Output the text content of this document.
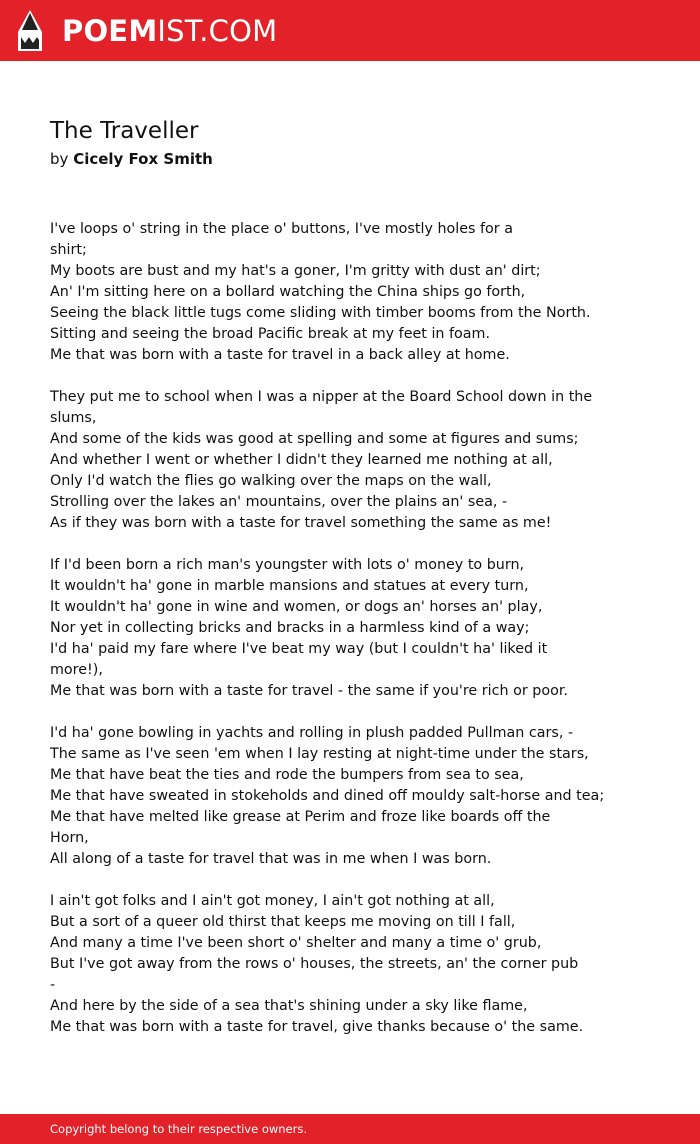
POEMIST.COM
The Traveller
by Cicely Fox Smith
I've loops o' string in the place o' buttons, I've mostly holes for a
shirt;
My boots are bust and my hat's a goner, I'm gritty with dust an' dirt;
An' I'm sitting here on a bollard watching the China ships go forth,
Seeing the black little tugs come sliding with timber booms from the North.
Sitting and seeing the broad Pacific break at my feet in foam.
Me that was born with a taste for travel in a back alley at home.
They put me to school when I was a nipper at the Board School down in the
slums,
And some of the kids was good at spelling and some at figures and sums;
And whether I went or whether I didn't they learned me nothing at all,
Only I'd watch the flies go walking over the maps on the wall,
Strolling over the lakes an' mountains, over the plains an' sea, -
As if they was born with a taste for travel something the same as me!
If I'd been born a rich man's youngster with lots o' money to burn,
It wouldn't ha' gone in marble mansions and statues at every turn,
It wouldn't ha' gone in wine and women, or dogs an' horses an' play,
Nor yet in collecting bricks and bracks in a harmless kind of a way;
I'd ha' paid my fare where I've beat my way (but I couldn't ha' liked it
more!),
Me that was born with a taste for travel - the same if you're rich or poor.
I'd ha' gone bowling in yachts and rolling in plush padded Pullman cars, -
The same as I've seen 'em when I lay resting at night-time under the stars,
Me that have beat the ties and rode the bumpers from sea to sea,
Me that have sweated in stokeholds and dined off mouldy salt-horse and tea;
Me that have melted like grease at Perim and froze like boards off the
Horn,
All along of a taste for travel that was in me when I was born.
I ain't got folks and I ain't got money, I ain't got nothing at all,
But a sort of a queer old thirst that keeps me moving on till I fall,
And many a time I've been short o' shelter and many a time o' grub,
But I've got away from the rows o' houses, the streets, an' the corner pub
-
And here by the side of a sea that's shining under a sky like flame,
Me that was born with a taste for travel, give thanks because o' the same.
Copyright belong to their respective owners.
